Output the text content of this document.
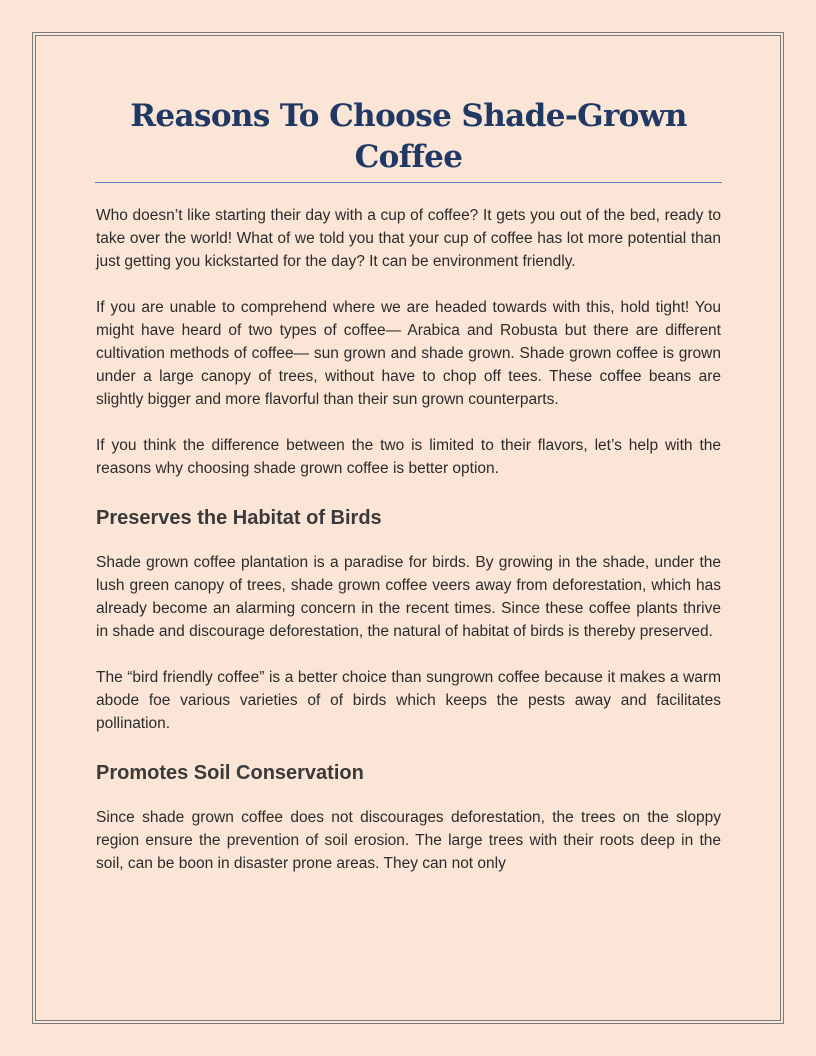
Reasons To Choose Shade-Grown Coffee

Who doesn’t like starting their day with a cup of coffee? It gets you out of the bed, ready to take over the world! What of we told you that your cup of coffee has lot more potential than just getting you kickstarted for the day? It can be environment friendly.

If you are unable to comprehend where we are headed towards with this, hold tight! You might have heard of two types of coffee— Arabica and Robusta but there are different cultivation methods of coffee— sun grown and shade grown. Shade grown coffee is grown under a large canopy of trees, without have to chop off tees. These coffee beans are slightly bigger and more flavorful than their sun grown counterparts.

If you think the difference between the two is limited to their flavors, let’s help with the reasons why choosing shade grown coffee is better option.

Preserves the Habitat of Birds

Shade grown coffee plantation is a paradise for birds. By growing in the shade, under the lush green canopy of trees, shade grown coffee veers away from deforestation, which has already become an alarming concern in the recent times. Since these coffee plants thrive in shade and discourage deforestation, the natural of habitat of birds is thereby preserved.

The “bird friendly coffee” is a better choice than sungrown coffee because it makes a warm abode foe various varieties of of birds which keeps the pests away and facilitates pollination.

Promotes Soil Conservation

Since shade grown coffee does not discourages deforestation, the trees on the sloppy region ensure the prevention of soil erosion. The large trees with their roots deep in the soil, can be boon in disaster prone areas. They can not only
